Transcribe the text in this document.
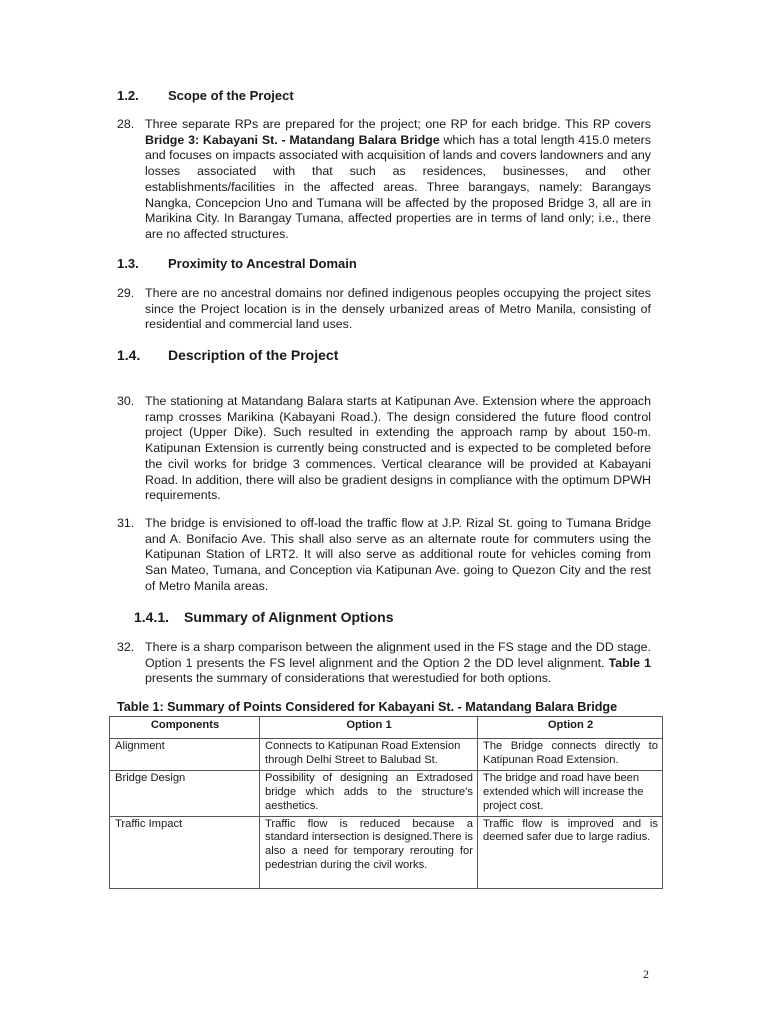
1.2. Scope of the Project
28. Three separate RPs are prepared for the project; one RP for each bridge. This RP covers Bridge 3: Kabayani St. - Matandang Balara Bridge which has a total length 415.0 meters and focuses on impacts associated with acquisition of lands and covers landowners and any losses associated with that such as residences, businesses, and other establishments/facilities in the affected areas. Three barangays, namely: Barangays Nangka, Concepcion Uno and Tumana will be affected by the proposed Bridge 3, all are in Marikina City. In Barangay Tumana, affected properties are in terms of land only; i.e., there are no affected structures.
1.3. Proximity to Ancestral Domain
29. There are no ancestral domains nor defined indigenous peoples occupying the project sites since the Project location is in the densely urbanized areas of Metro Manila, consisting of residential and commercial land uses.
1.4. Description of the Project
30. The stationing at Matandang Balara starts at Katipunan Ave. Extension where the approach ramp crosses Marikina (Kabayani Road.). The design considered the future flood control project (Upper Dike). Such resulted in extending the approach ramp by about 150-m. Katipunan Extension is currently being constructed and is expected to be completed before the civil works for bridge 3 commences. Vertical clearance will be provided at Kabayani Road. In addition, there will also be gradient designs in compliance with the optimum DPWH requirements.
31. The bridge is envisioned to off-load the traffic flow at J.P. Rizal St. going to Tumana Bridge and A. Bonifacio Ave. This shall also serve as an alternate route for commuters using the Katipunan Station of LRT2. It will also serve as additional route for vehicles coming from San Mateo, Tumana, and Conception via Katipunan Ave. going to Quezon City and the rest of Metro Manila areas.
1.4.1. Summary of Alignment Options
32. There is a sharp comparison between the alignment used in the FS stage and the DD stage. Option 1 presents the FS level alignment and the Option 2 the DD level alignment. Table 1 presents the summary of considerations that werestudied for both options.
Table 1: Summary of Points Considered for Kabayani St. - Matandang Balara Bridge
Components	Option 1	Option 2
Alignment	Connects to Katipunan Road Extension through Delhi Street to Balubad St.	The Bridge connects directly to Katipunan Road Extension.
Bridge Design	Possibility of designing an Extradosed bridge which adds to the structure’s aesthetics.	The bridge and road have been extended which will increase the project cost.
Traffic Impact	Traffic flow is reduced because a standard intersection is designed.There is also a need for temporary rerouting for pedestrian during the civil works.	Traffic flow is improved and is deemed safer due to large radius.
2
